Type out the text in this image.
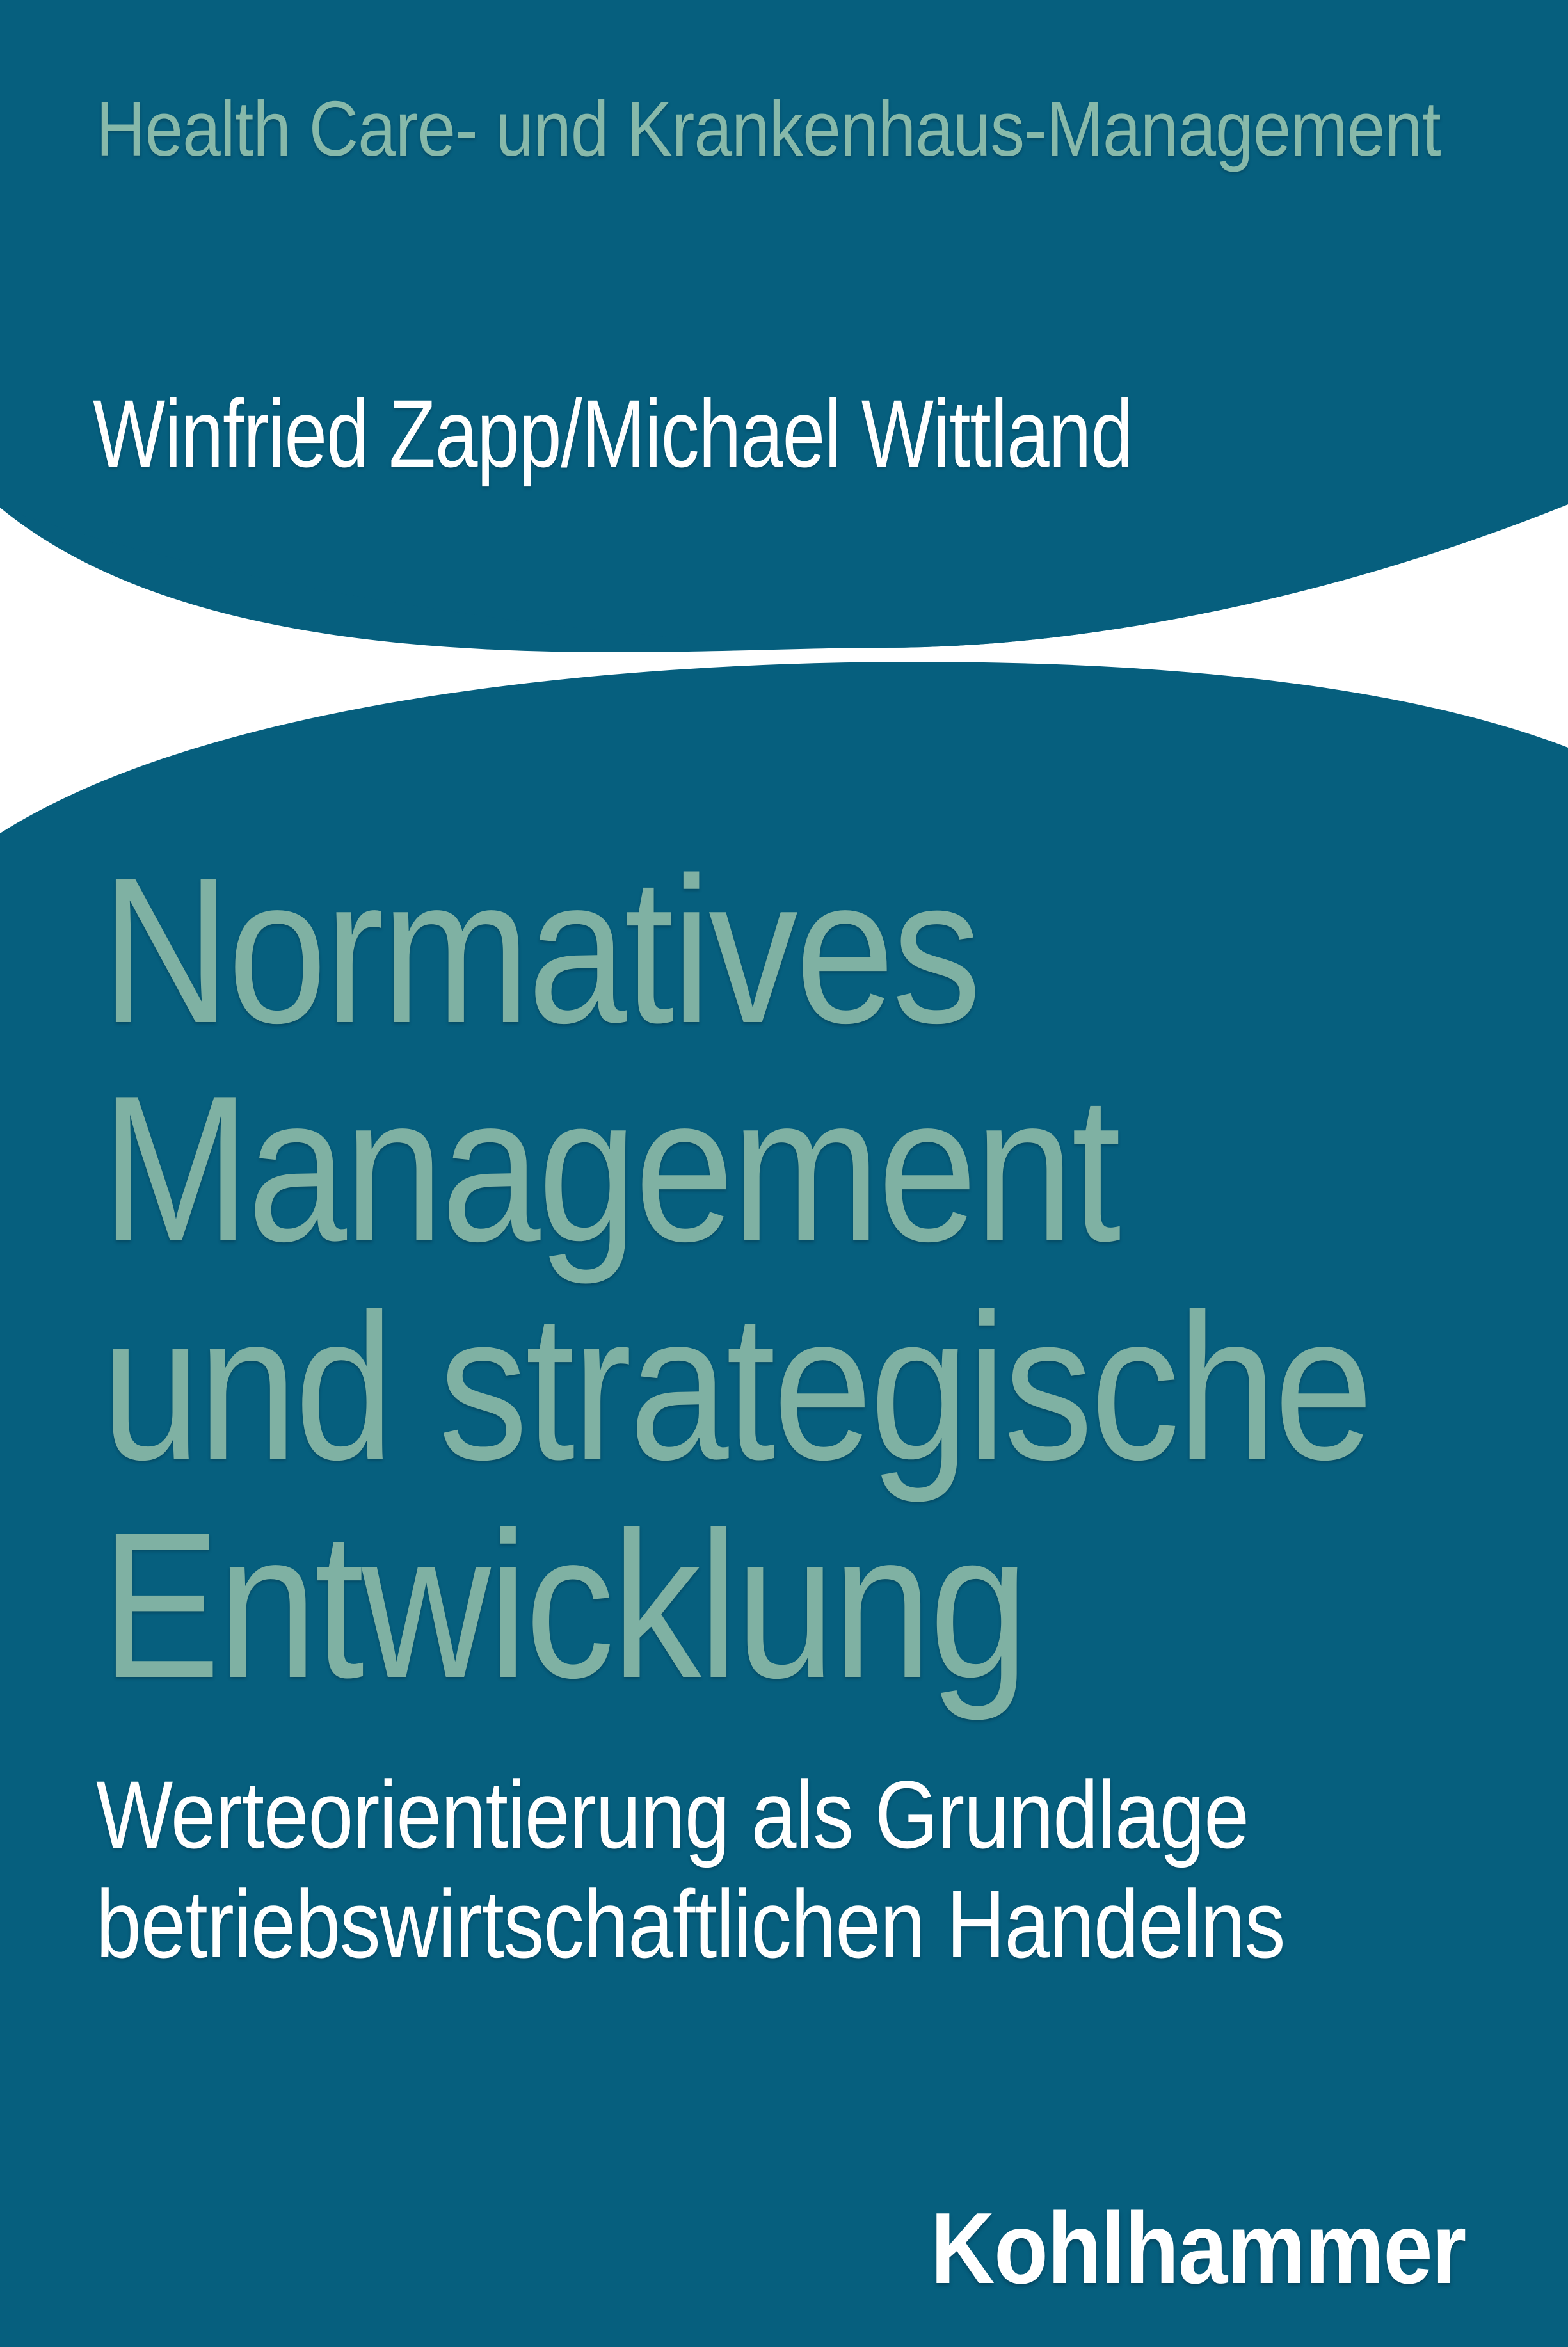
Health Care- und Krankenhaus-Management
Winfried Zapp/Michael Wittland
Normatives
Management
und strategische
Entwicklung
Werteorientierung als Grundlage
betriebswirtschaftlichen Handelns
Kohlhammer
